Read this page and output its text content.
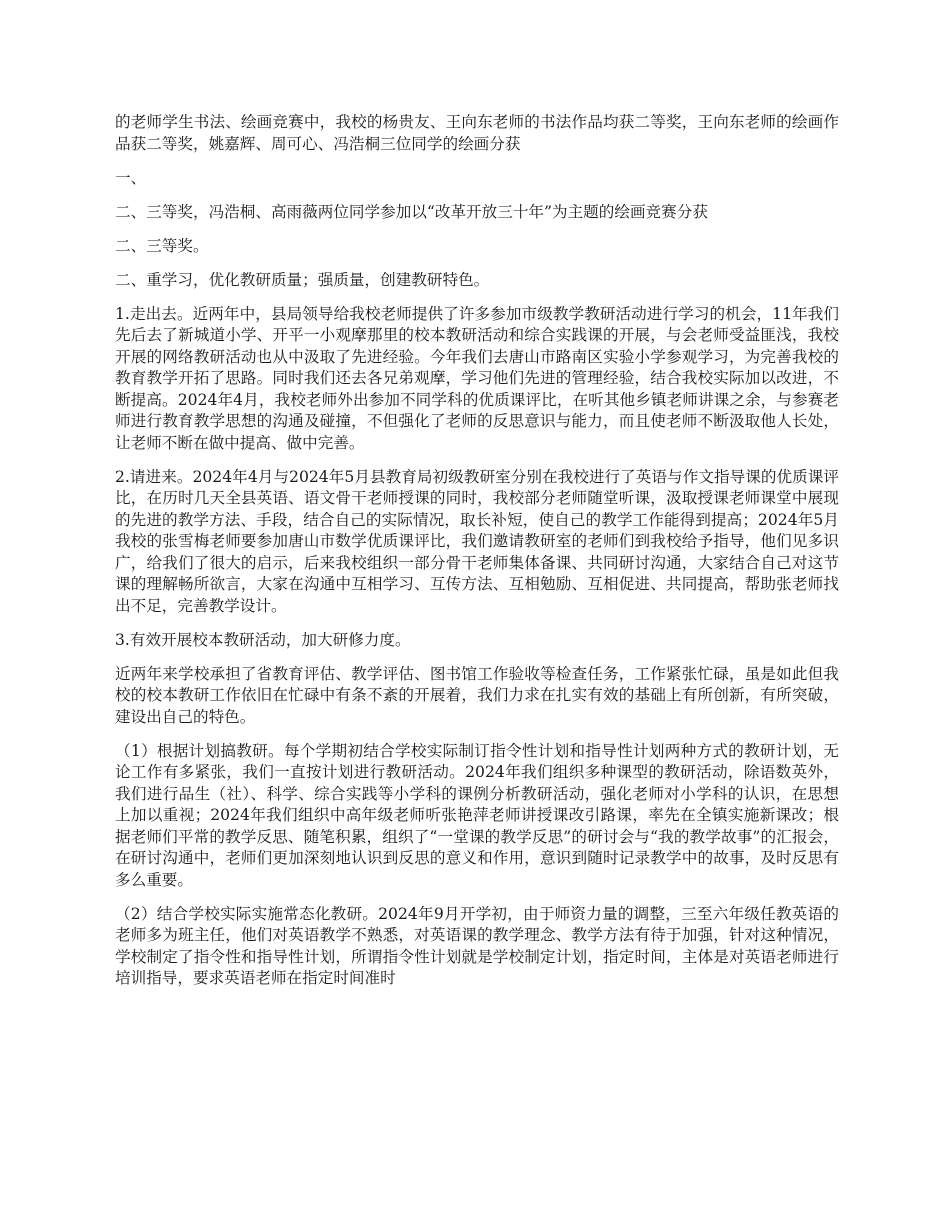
的老师学生书法、绘画竞赛中，我校的杨贵友、王向东老师的书法作品均获二等奖，王向东老师的绘画作品获二等奖，姚嘉辉、周可心、冯浩桐三位同学的绘画分获

一、

二、三等奖，冯浩桐、高雨薇两位同学参加以“改革开放三十年”为主题的绘画竞赛分获

二、三等奖。

二、重学习，优化教研质量；强质量，创建教研特色。

1.走出去。近两年中，县局领导给我校老师提供了许多参加市级教学教研活动进行学习的机会，11年我们先后去了新城道小学、开平一小观摩那里的校本教研活动和综合实践课的开展，与会老师受益匪浅，我校开展的网络教研活动也从中汲取了先进经验。今年我们去唐山市路南区实验小学参观学习，为完善我校的教育教学开拓了思路。同时我们还去各兄弟观摩，学习他们先进的管理经验，结合我校实际加以改进，不断提高。2024年4月，我校老师外出参加不同学科的优质课评比，在听其他乡镇老师讲课之余，与参赛老师进行教育教学思想的沟通及碰撞，不但强化了老师的反思意识与能力，而且使老师不断汲取他人长处，让老师不断在做中提高、做中完善。

2.请进来。2024年4月与2024年5月县教育局初级教研室分别在我校进行了英语与作文指导课的优质课评比，在历时几天全县英语、语文骨干老师授课的同时，我校部分老师随堂听课，汲取授课老师课堂中展现的先进的教学方法、手段，结合自己的实际情况，取长补短，使自己的教学工作能得到提高；2024年5月我校的张雪梅老师要参加唐山市数学优质课评比，我们邀请教研室的老师们到我校给予指导，他们见多识广，给我们了很大的启示，后来我校组织一部分骨干老师集体备课、共同研讨沟通，大家结合自己对这节课的理解畅所欲言，大家在沟通中互相学习、互传方法、互相勉励、互相促进、共同提高，帮助张老师找出不足，完善教学设计。

3.有效开展校本教研活动，加大研修力度。

近两年来学校承担了省教育评估、教学评估、图书馆工作验收等检查任务，工作紧张忙碌，虽是如此但我校的校本教研工作依旧在忙碌中有条不紊的开展着，我们力求在扎实有效的基础上有所创新，有所突破，建设出自己的特色。

（1）根据计划搞教研。每个学期初结合学校实际制订指令性计划和指导性计划两种方式的教研计划，无论工作有多紧张，我们一直按计划进行教研活动。2024年我们组织多种课型的教研活动，除语数英外，我们进行品生（社）、科学、综合实践等小学科的课例分析教研活动，强化老师对小学科的认识，在思想上加以重视；2024年我们组织中高年级老师听张艳萍老师讲授课改引路课，率先在全镇实施新课改；根据老师们平常的教学反思、随笔积累，组织了“一堂课的教学反思”的研讨会与“我的教学故事”的汇报会，在研讨沟通中，老师们更加深刻地认识到反思的意义和作用，意识到随时记录教学中的故事，及时反思有多么重要。

（2）结合学校实际实施常态化教研。2024年9月开学初，由于师资力量的调整，三至六年级任教英语的老师多为班主任，他们对英语教学不熟悉，对英语课的教学理念、教学方法有待于加强，针对这种情况，学校制定了指令性和指导性计划，所谓指令性计划就是学校制定计划，指定时间，主体是对英语老师进行培训指导，要求英语老师在指定时间准时
